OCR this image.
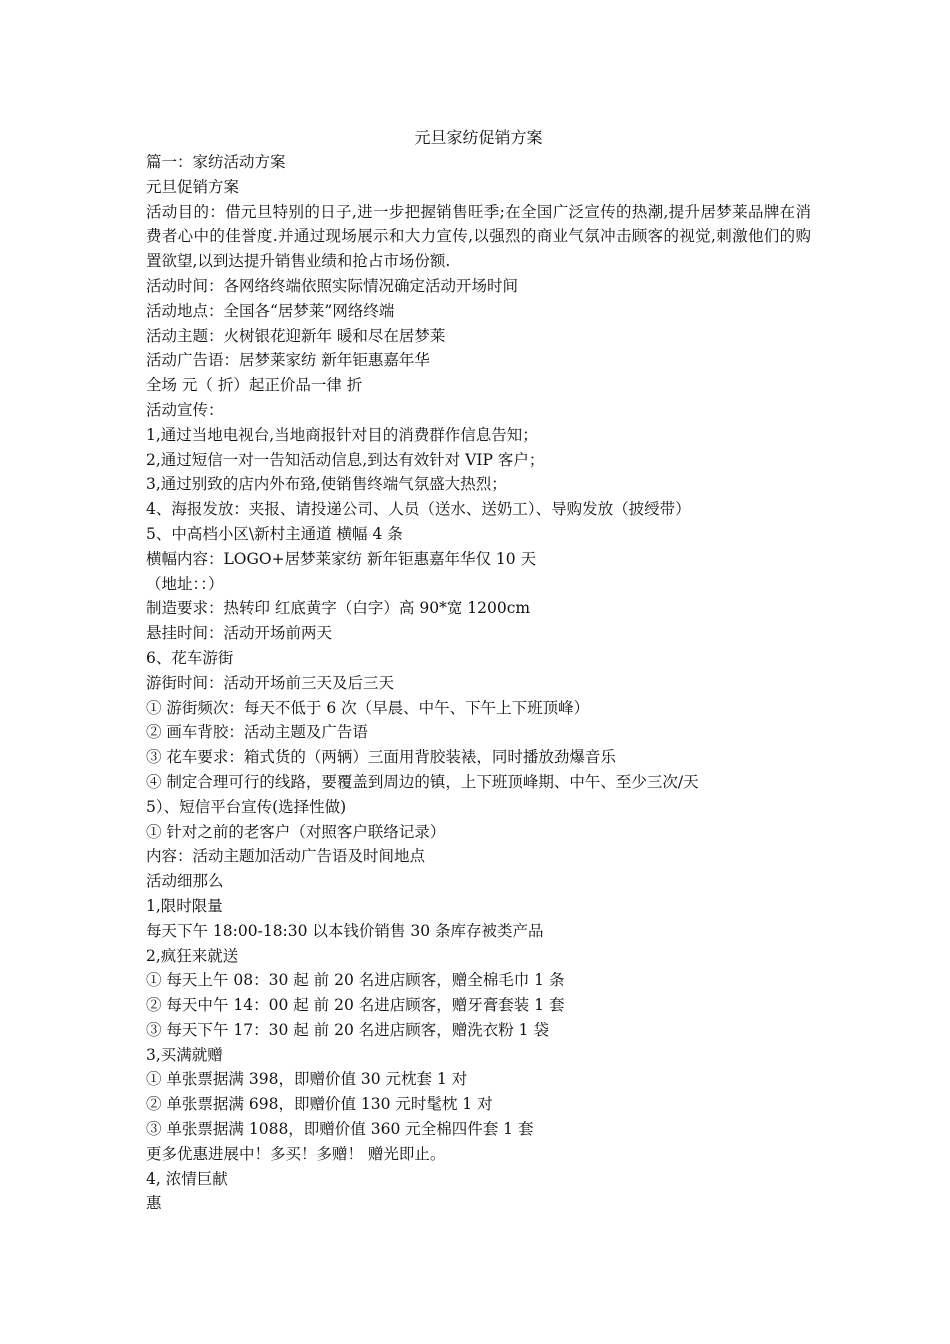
元旦家纺促销方案

篇一：家纺活动方案

元旦促销方案

活动目的：借元旦特别的日子,进一步把握销售旺季;在全国广泛宣传的热潮,提升居梦莱品牌在消费者心中的佳誉度.并通过现场展示和大力宣传,以强烈的商业气氛冲击顾客的视觉,刺激他们的购置欲望,以到达提升销售业绩和抢占市场份额.

活动时间：各网络终端依照实际情况确定活动开场时间

活动地点：全国各“居梦莱”网络终端

活动主题：火树银花迎新年 暖和尽在居梦莱

活动广告语：居梦莱家纺 新年钜惠嘉年华

全场 元（ 折）起正价品一律 折

活动宣传：

1,通过当地电视台,当地商报针对目的消费群作信息告知；

2,通过短信一对一告知活动信息,到达有效针对 VIP 客户；

3,通过别致的店内外布臵,使销售终端气氛盛大热烈；

4、海报发放：夹报、请投递公司、人员（送水、送奶工）、导购发放（披绶带）

5、中高档小区\新村主通道 横幅 4 条

横幅内容：LOGO+居梦莱家纺 新年钜惠嘉年华仅 10 天

（地址：：）

制造要求：热转印 红底黄字（白字）高 90*宽 1200cm

悬挂时间：活动开场前两天

6、花车游街

游街时间：活动开场前三天及后三天

① 游街频次：每天不低于 6 次（早晨、中午、下午上下班顶峰）

② 画车背胶：活动主题及广告语

③ 花车要求：箱式货的（两辆）三面用背胶装裱，同时播放劲爆音乐

④ 制定合理可行的线路，要覆盖到周边的镇，上下班顶峰期、中午、至少三次/天

5）、短信平台宣传(选择性做)

① 针对之前的老客户（对照客户联络记录）

内容：活动主题加活动广告语及时间地点

活动细那么

1,限时限量

每天下午 18:00-18:30 以本钱价销售 30 条库存被类产品

2,疯狂来就送

① 每天上午 08：30 起 前 20 名进店顾客，赠全棉毛巾 1 条

② 每天中午 14：00 起 前 20 名进店顾客，赠牙膏套装 1 套

③ 每天下午 17：30 起 前 20 名进店顾客，赠洗衣粉 1 袋

3,买满就赠

① 单张票据满 398，即赠价值 30 元枕套 1 对

② 单张票据满 698，即赠价值 130 元时髦枕 1 对

③ 单张票据满 1088，即赠价值 360 元全棉四件套 1 套

更多优惠进展中！多买！多赠！ 赠光即止。

4, 浓情巨献

惠
